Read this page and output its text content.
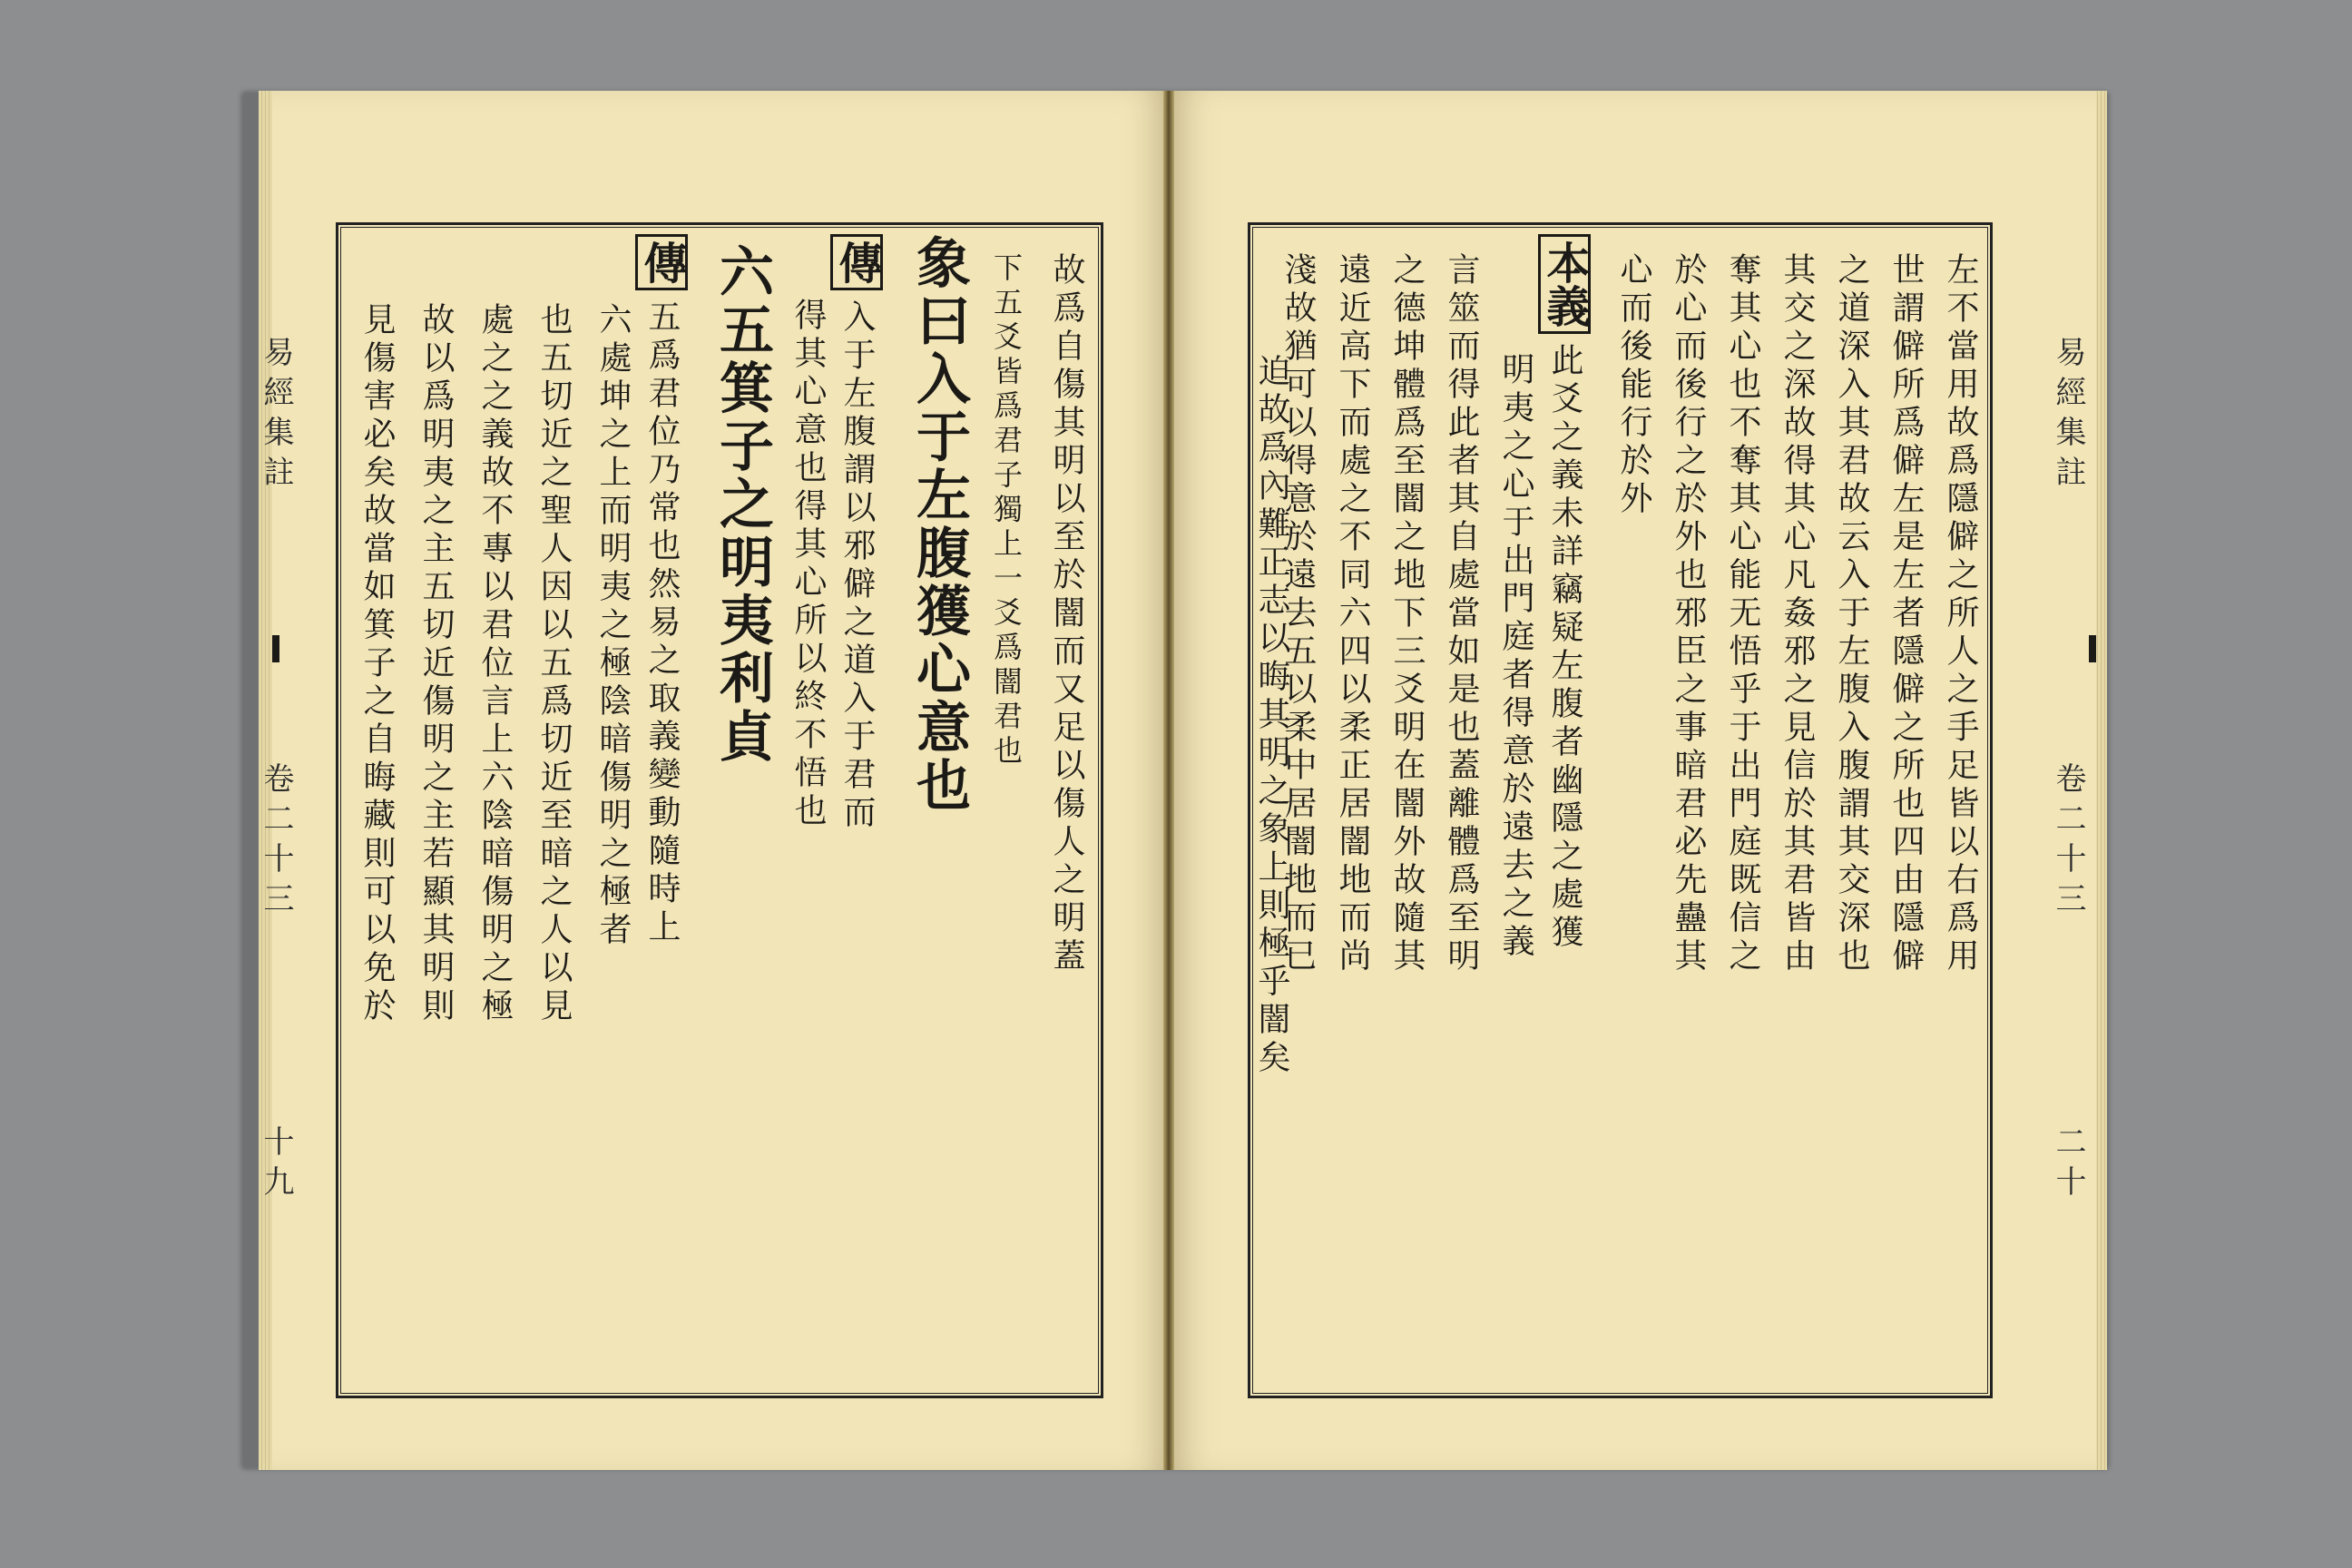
易經集註
卷二十三
十九
易經集註
卷二十三
二十
故爲自傷其明以至於闇而又足以傷人之明蓋
下五爻皆爲君子獨上一爻爲闇君也
象曰入于左腹獲心意也
傳入于左腹謂以邪僻之道入于君而
得其心意也得其心所以終不悟也
六五箕子之明夷利貞
傳五爲君位乃常也然易之取義變動隨時上
六處坤之上而明夷之極陰暗傷明之極者
也五切近之聖人因以五爲切近至暗之人以見
處之之義故不專以君位言上六陰暗傷明之極
故以爲明夷之主五切近傷明之主若顯其明則
見傷害必矣故當如箕子之自晦藏則可以免於	左不當用故爲隱僻之所人之手足皆以右爲用
世謂僻所爲僻左是左者隱僻之所也四由隱僻
之道深入其君故云入于左腹入腹謂其交深也
其交之深故得其心凡姦邪之見信於其君皆由
奪其心也不奪其心能无悟乎于出門庭既信之
於心而後行之於外也邪臣之事暗君必先蠱其
心而後能行於外
本義此爻之義未詳竊疑左腹者幽隱之處獲
明夷之心于出門庭者得意於遠去之義
言筮而得此者其自處當如是也蓋離體爲至明
之德坤體爲至闇之地下三爻明在闇外故隨其
遠近高下而處之不同六四以柔正居闇地而尚
淺故猶可以得意於遠去五以柔中居闇地而已
迫故爲內難正志以晦其明之象上則極乎闇矣
